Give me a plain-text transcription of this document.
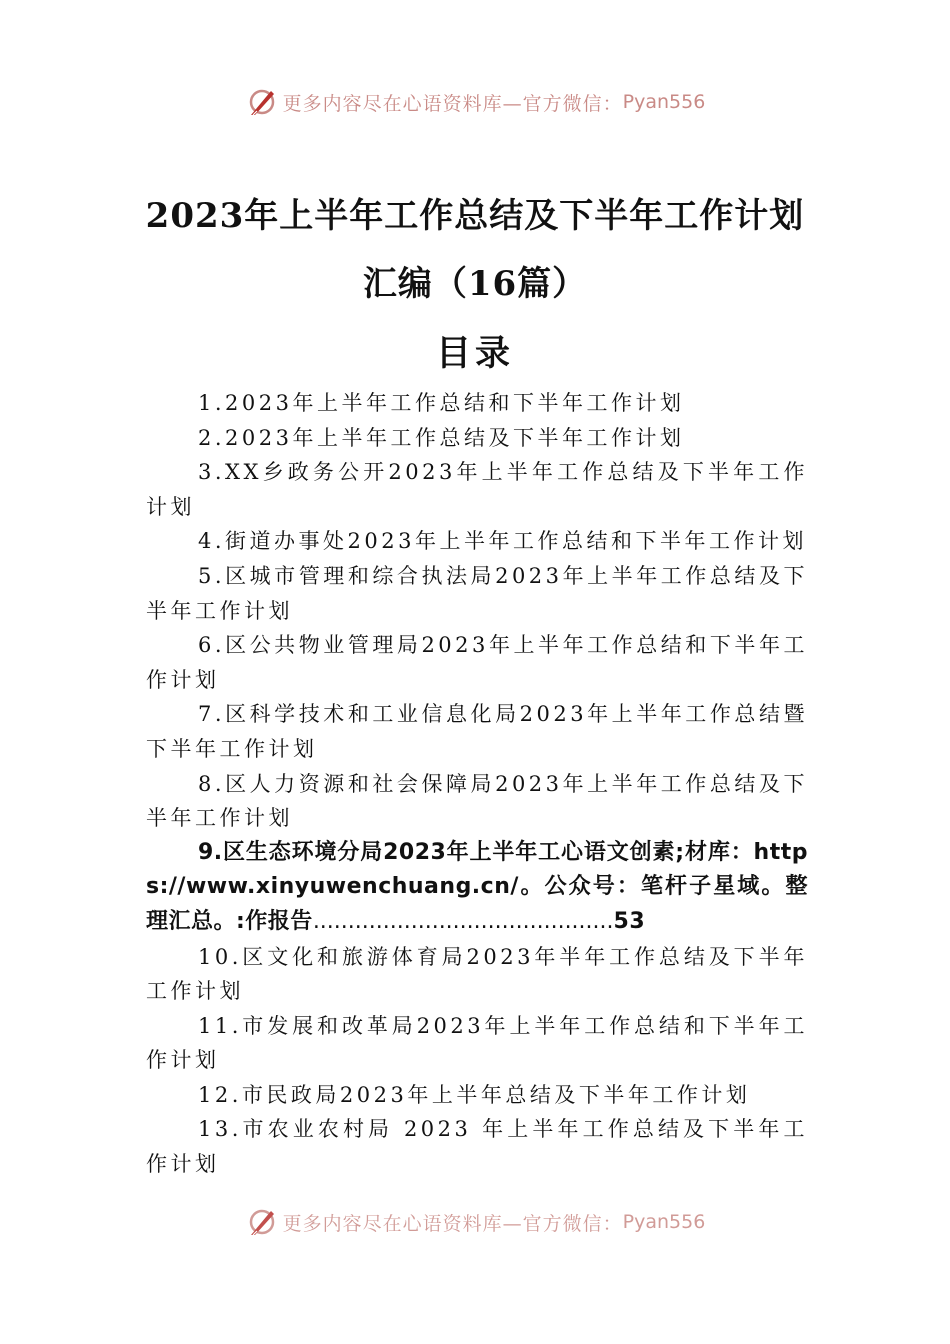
更多内容尽在心语资料库—官方微信： Pyan556
2023年上半年工作总结及下半年工作计划
汇编（16篇）
目录

1.2023年上半年工作总结和下半年工作计划

2.2023年上半年工作总结及下半年工作计划

3.XX乡政务公开2023年上半年工作总结及下半年工作计划

4.街道办事处2023年上半年工作总结和下半年工作计划

5.区城市管理和综合执法局2023年上半年工作总结及下半年工作计划

6.区公共物业管理局2023年上半年工作总结和下半年工作计划

7.区科学技术和工业信息化局2023年上半年工作总结暨下半年工作计划

8.区人力资源和社会保障局2023年上半年工作总结及下半年工作计划

9.区生态环境分局2023年上半年工心语文创素;材库：https://www.xinyuwenchuang.cn/。公众号：笔杆子星域。整理汇总。:作报告...........................................53

10.区文化和旅游体育局2023年半年工作总结及下半年工作计划

11.市发展和改革局2023年上半年工作总结和下半年工作计划

12.市民政局2023年上半年总结及下半年工作计划

13.市农业农村局 2023 年上半年工作总结及下半年工作计划

更多内容尽在心语资料库—官方微信： Pyan556
